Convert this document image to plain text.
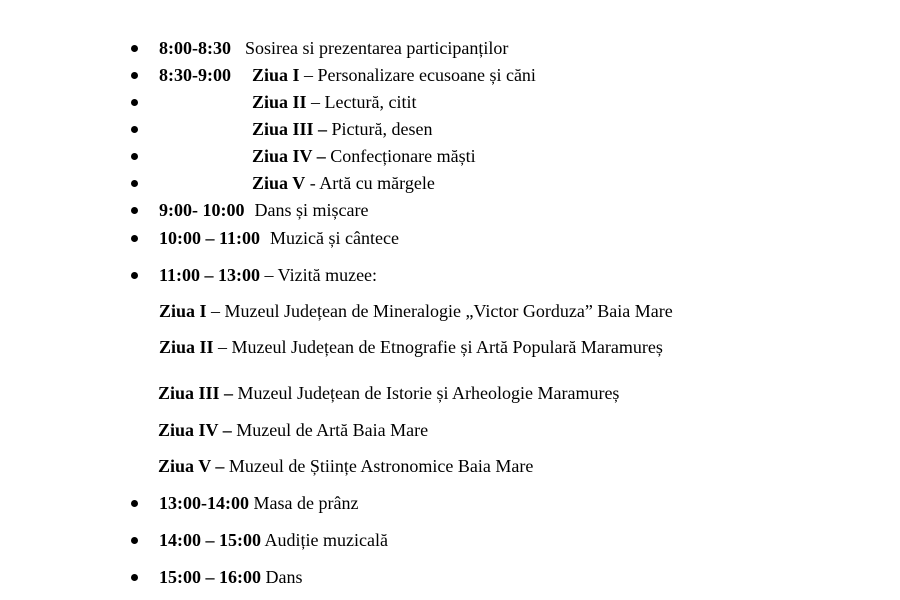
8:00-8:30 Sosirea si prezentarea participanților
8:30-9:00 Ziua I – Personalizare ecusoane și căni
Ziua II – Lectură, citit
Ziua III – Pictură, desen
Ziua IV – Confecționare măști
Ziua V - Artă cu mărgele
9:00- 10:00 Dans și mișcare
10:00 – 11:00 Muzică și cântece
11:00 – 13:00 – Vizită muzee:
Ziua I – Muzeul Județean de Mineralogie „Victor Gorduza” Baia Mare
Ziua II – Muzeul Județean de Etnografie și Artă Populară Maramureș
Ziua III – Muzeul Județean de Istorie și Arheologie Maramureș
Ziua IV – Muzeul de Artă Baia Mare
Ziua V – Muzeul de Științe Astronomice Baia Mare
13:00-14:00 Masa de prânz
14:00 – 15:00 Audiție muzicală
15:00 – 16:00 Dans
